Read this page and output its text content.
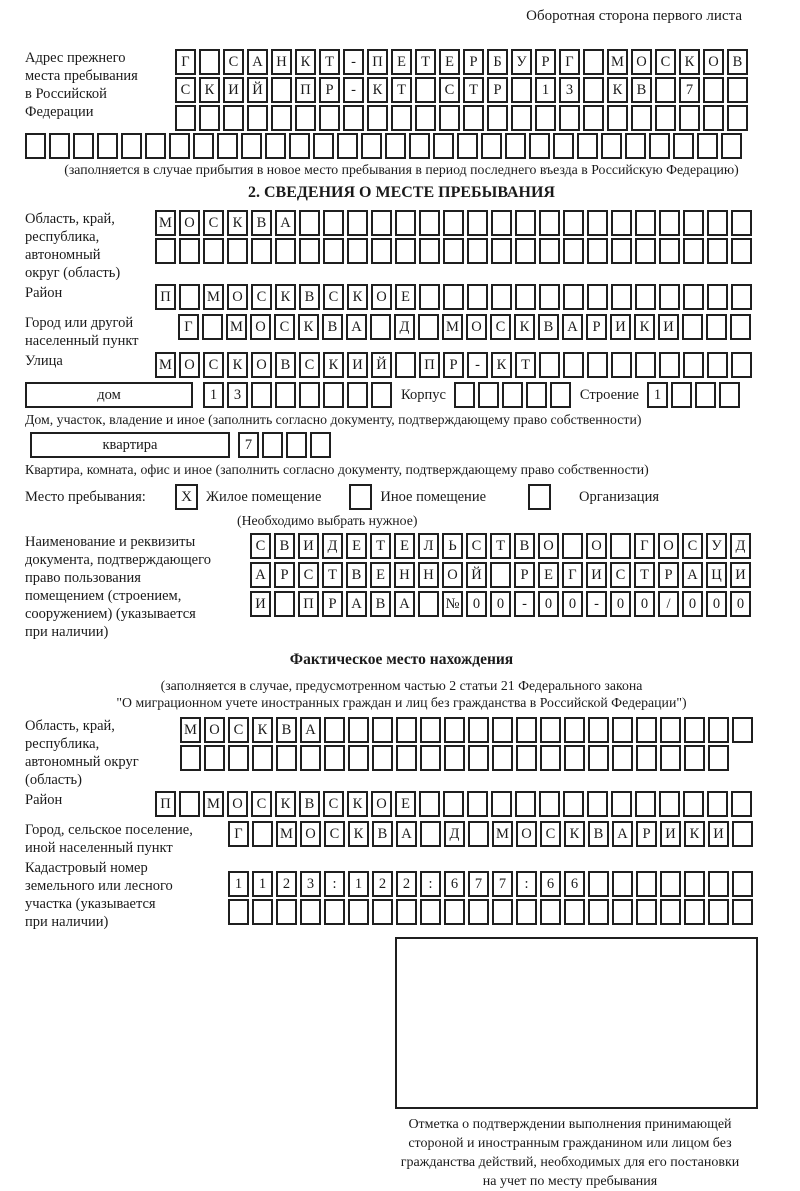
Оборотная сторона первого листа
Адрес прежнего
места пребывания
в Российской
Федерации
Г	С А Н К	Т	-	П Е	Т	Е	Р	Б	У	Р	Г	М О С К О В
С К И Й	П	Р	-	К	Т	С	Т	Р	1	3	К В	7
(заполняется в случае прибытия в новое место пребывания в период последнего въезда в Российскую Федерацию)
2. СВЕДЕНИЯ О МЕСТЕ ПРЕБЫВАНИЯ
Область, край,
республика,
автономный
округ (область)
М О С К В А
Район	П	М О С К В С К О Е
Город или другой
населенный пункт
Г	М О С К В А	Д	М О С К В А	Р	И К И
Улица	М О С К О В С К И Й	П	Р	-	К	Т
дом	1	3	Корпус	Строение	1
Дом, участок, владение и иное (заполнить согласно документу, подтверждающему право собственности)
квартира	7
Квартира, комната, офис и иное (заполнить согласно документу, подтверждающему право собственности)
Место пребывания:	X Жилое помещение	Иное помещение	Организация
(Необходимо выбрать нужное)
Наименование и реквизиты
документа, подтверждающего
право пользования
помещением (строением,
сооружением) (указывается
при наличии)
С В И Д	Е	Т	Е	Л	Ь	С	Т	В О	О	Г	О С У Д
А	Р	С	Т	В	Е Н Н О Й	Р	Е	Г	И С	Т	Р	А Ц И
И	П	Р	А В А	№ 0	0	-	0	0	-	0	0	/	0	0	0
Фактическое место нахождения
(заполняется в случае, предусмотренном частью 2 статьи 21 Федерального закона
"О миграционном учете иностранных граждан и лиц без гражданства в Российской Федерации")
Область, край,
республика,
автономный округ
(область)
М О С К В А
Район	П	М О С К В С К О Е
Город, сельское поселение,
иной населенный пункт
Г	М О С К В А	Д	М О С К В А	Р	И К И
Кадастровый номер
земельного или лесного
участка (указывается
при наличии)
1	1	2	3	:	1	2	2	:	6	7	7	:	6	6
Отметка о подтверждении выполнения принимающей
стороной и иностранным гражданином или лицом без
гражданства действий, необходимых для его постановки
на учет по месту пребывания
